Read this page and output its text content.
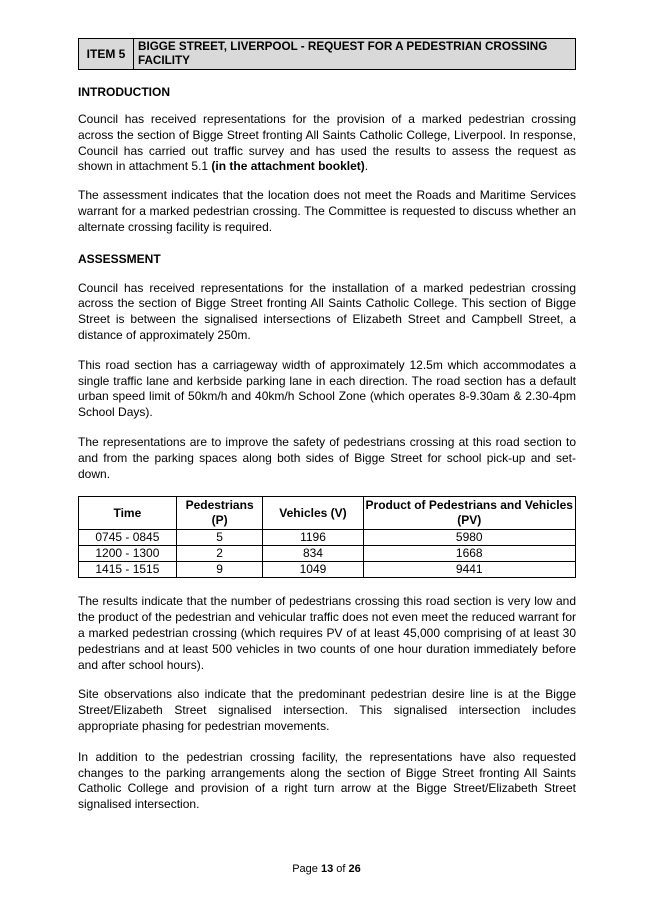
ITEM 5
BIGGE STREET, LIVERPOOL - REQUEST FOR A PEDESTRIAN CROSSING FACILITY
INTRODUCTION

Council has received representations for the provision of a marked pedestrian crossing across the section of Bigge Street fronting All Saints Catholic College, Liverpool. In response, Council has carried out traffic survey and has used the results to assess the request as shown in attachment 5.1 (in the attachment booklet).

The assessment indicates that the location does not meet the Roads and Maritime Services warrant for a marked pedestrian crossing. The Committee is requested to discuss whether an alternate crossing facility is required.

ASSESSMENT

Council has received representations for the installation of a marked pedestrian crossing across the section of Bigge Street fronting All Saints Catholic College. This section of Bigge Street is between the signalised intersections of Elizabeth Street and Campbell Street, a distance of approximately 250m.

This road section has a carriageway width of approximately 12.5m which accommodates a single traffic lane and kerbside parking lane in each direction. The road section has a default urban speed limit of 50km/h and 40km/h School Zone (which operates 8-9.30am & 2.30-4pm School Days).

The representations are to improve the safety of pedestrians crossing at this road section to and from the parking spaces along both sides of Bigge Street for school pick-up and set-down.

Time	Pedestrians (P)	Vehicles (V)	Product of Pedestrians and Vehicles (PV)
0745 - 0845	5	1196	5980
1200 - 1300	2	834	1668
1415 - 1515	9	1049	9441

The results indicate that the number of pedestrians crossing this road section is very low and the product of the pedestrian and vehicular traffic does not even meet the reduced warrant for a marked pedestrian crossing (which requires PV of at least 45,000 comprising of at least 30 pedestrians and at least 500 vehicles in two counts of one hour duration immediately before and after school hours).

Site observations also indicate that the predominant pedestrian desire line is at the Bigge Street/Elizabeth Street signalised intersection. This signalised intersection includes appropriate phasing for pedestrian movements.

In addition to the pedestrian crossing facility, the representations have also requested changes to the parking arrangements along the section of Bigge Street fronting All Saints Catholic College and provision of a right turn arrow at the Bigge Street/Elizabeth Street signalised intersection.

Page 13 of 26
